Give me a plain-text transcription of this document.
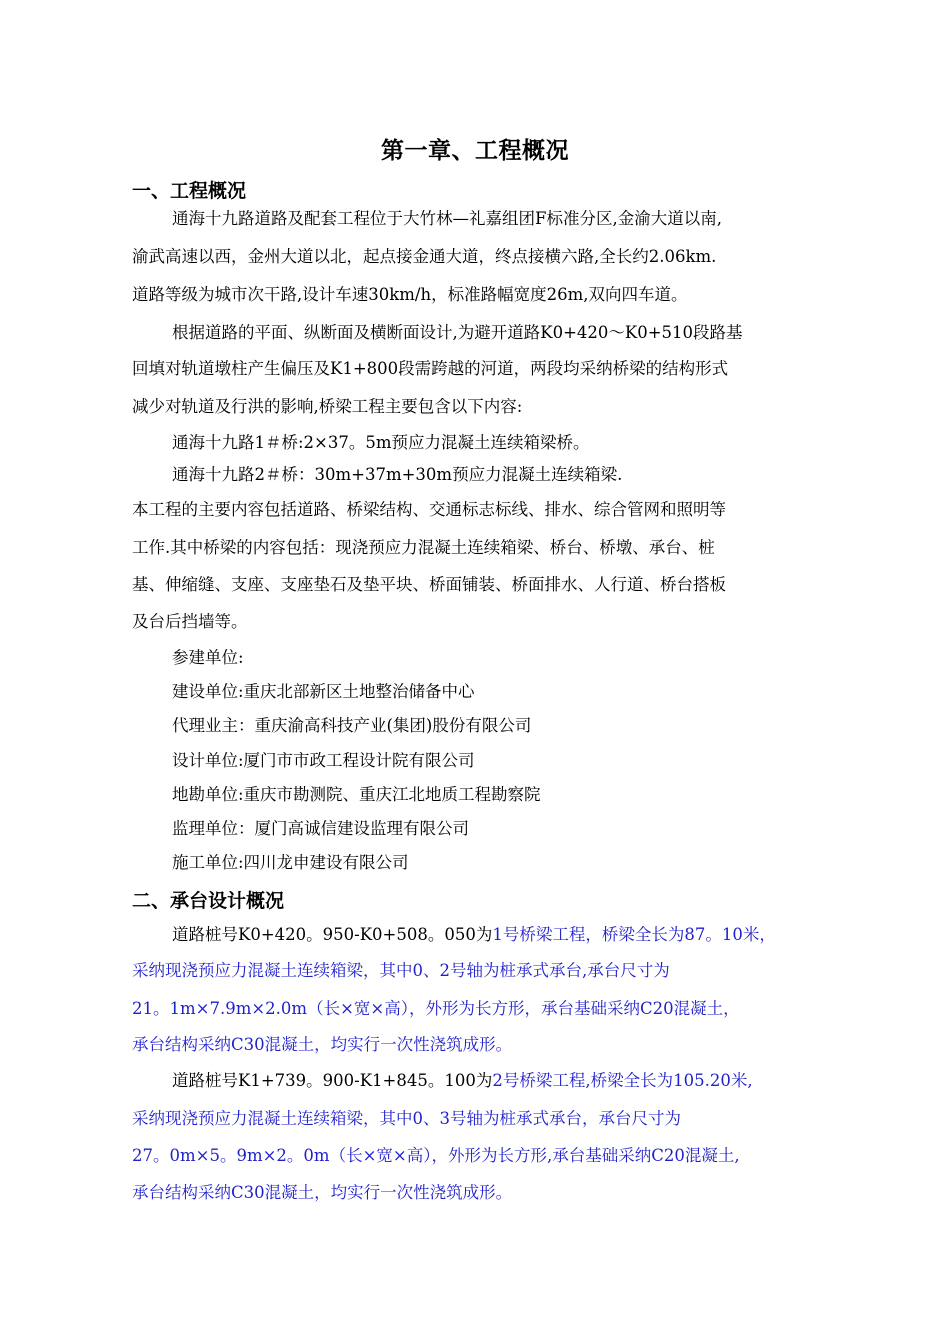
第一章、工程概况
一、工程概况

通海十九路道路及配套工程位于大竹林—礼嘉组团F标准分区,金渝大道以南,

渝武高速以西，金州大道以北，起点接金通大道，终点接横六路,全长约2.06km.

道路等级为城市次干路,设计车速30km/h，标准路幅宽度26m,双向四车道。

根据道路的平面、纵断面及横断面设计,为避开道路K0+420～K0+510段路基

回填对轨道墩柱产生偏压及K1+800段需跨越的河道，两段均采纳桥梁的结构形式

减少对轨道及行洪的影响,桥梁工程主要包含以下内容:

通海十九路1＃桥:2×37。5m预应力混凝土连续箱梁桥。

通海十九路2＃桥：30m+37m+30m预应力混凝土连续箱梁.

本工程的主要内容包括道路、桥梁结构、交通标志标线、排水、综合管网和照明等

工作.其中桥梁的内容包括：现浇预应力混凝土连续箱梁、桥台、桥墩、承台、桩

基、伸缩缝、支座、支座垫石及垫平块、桥面铺装、桥面排水、人行道、桥台搭板

及台后挡墙等。

参建单位:

建设单位:重庆北部新区土地整治储备中心

代理业主：重庆渝高科技产业(集团)股份有限公司

设计单位:厦门市市政工程设计院有限公司

地勘单位:重庆市勘测院、重庆江北地质工程勘察院

监理单位：厦门高诚信建设监理有限公司

施工单位:四川龙申建设有限公司

二、承台设计概况

道路桩号K0+420。950-K0+508。050为1号桥梁工程，桥梁全长为87。10米，

采纳现浇预应力混凝土连续箱梁，其中0、2号轴为桩承式承台,承台尺寸为

21。1m×7.9m×2.0m（长×宽×高），外形为长方形，承台基础采纳C20混凝土，

承台结构采纳C30混凝土，均实行一次性浇筑成形。

道路桩号K1+739。900-K1+845。100为2号桥梁工程,桥梁全长为105.20米,

采纳现浇预应力混凝土连续箱梁，其中0、3号轴为桩承式承台，承台尺寸为

27。0m×5。9m×2。0m（长×宽×高），外形为长方形,承台基础采纳C20混凝土,

承台结构采纳C30混凝土，均实行一次性浇筑成形。
